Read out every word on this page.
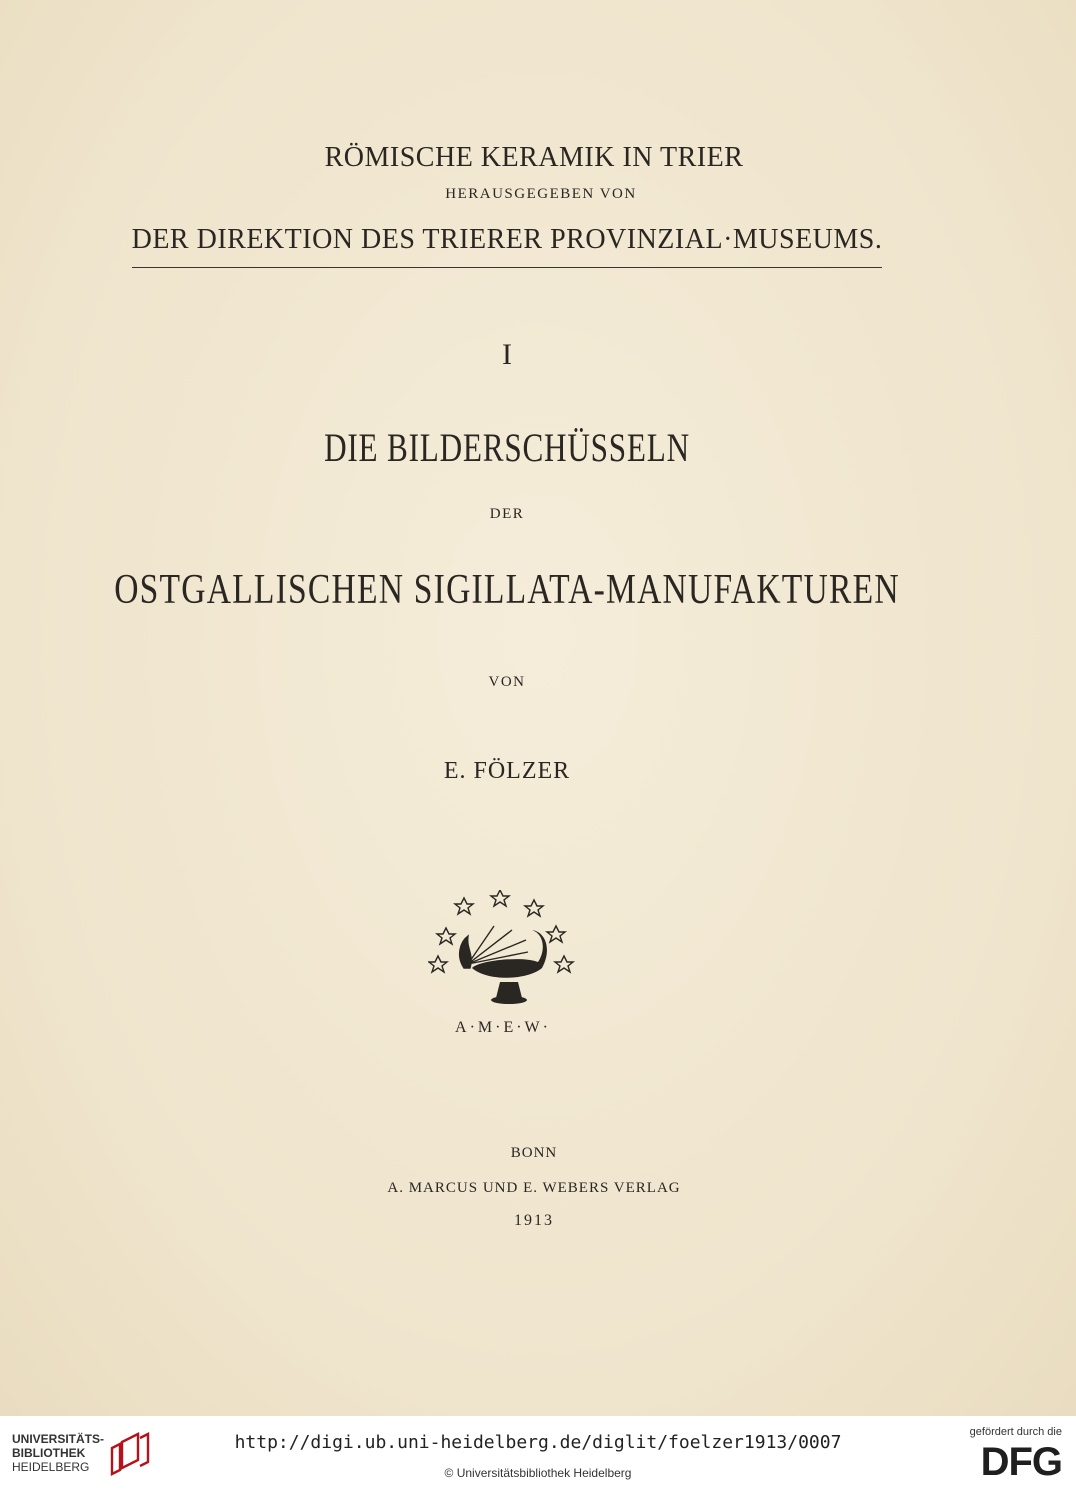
RÖMISCHE KERAMIK IN TRIER
HERAUSGEGEBEN VON
DER DIREKTION DES TRIERER PROVINZIAL·MUSEUMS.
I
DIE BILDERSCHÜSSELN
DER
OSTGALLISCHEN SIGILLATA-MANUFAKTUREN
VON
E. FÖLZER
A·M·E·W·
BONN
A. MARCUS UND E. WEBERS VERLAG
1913
UNIVERSITÄTS-
BIBLIOTHEK
HEIDELBERG
http://digi.ub.uni-heidelberg.de/diglit/foelzer1913/0007
© Universitätsbibliothek Heidelberg
gefördert durch die
DFG
